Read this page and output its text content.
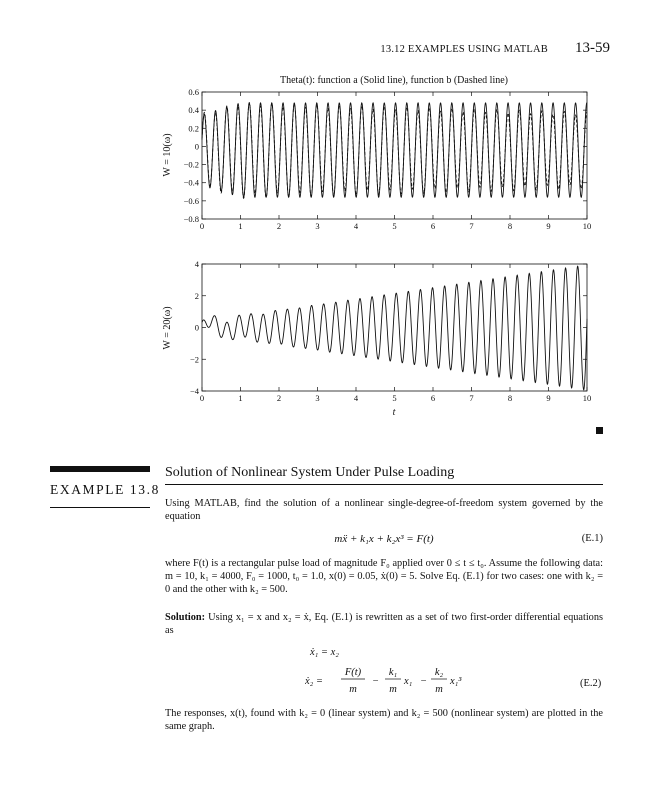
13.12 EXAMPLES USING MATLAB 13-59
Theta(t): function a (Solid line), function b (Dashed line)
0	1	2	3	4	5	6	7	8	9	10
0.6
0.4
0.2
0
−0.2
−0.4
−0.6
−0.8
W = 10(ω)
0	1	2	3	4	5	6	7	8	9	10
4
2
0
−2
−4
W = 20(ω)
t
EXAMPLE 13.8
Solution of Nonlinear System Under Pulse Loading
Using MATLAB, find the solution of a nonlinear single-degree-of-freedom system governed by the equation
mẍ + k₁x + k₂x³ = F(t)	(E.1)
where F(t) is a rectangular pulse load of magnitude F₀ applied over 0 ≤ t ≤ t₀. Assume the following data: m = 10, k₁ = 4000, F₀ = 1000, t₀ = 1.0, x(0) = 0.05, ẋ(0) = 5. Solve Eq. (E.1) for two cases: one with k₂ = 0 and the other with k₂ = 500.
Solution: Using x₁ = x and x₂ = ẋ, Eq. (E.1) is rewritten as a set of two first-order differential equations as
ẋ₁ = x₂
ẋ₂ =
F(t)
m
−
k₁
m
x₁ −
k₂
m
x₁³	(E.2)
The responses, x(t), found with k₂ = 0 (linear system) and k₂ = 500 (nonlinear system) are plotted in the same graph.
